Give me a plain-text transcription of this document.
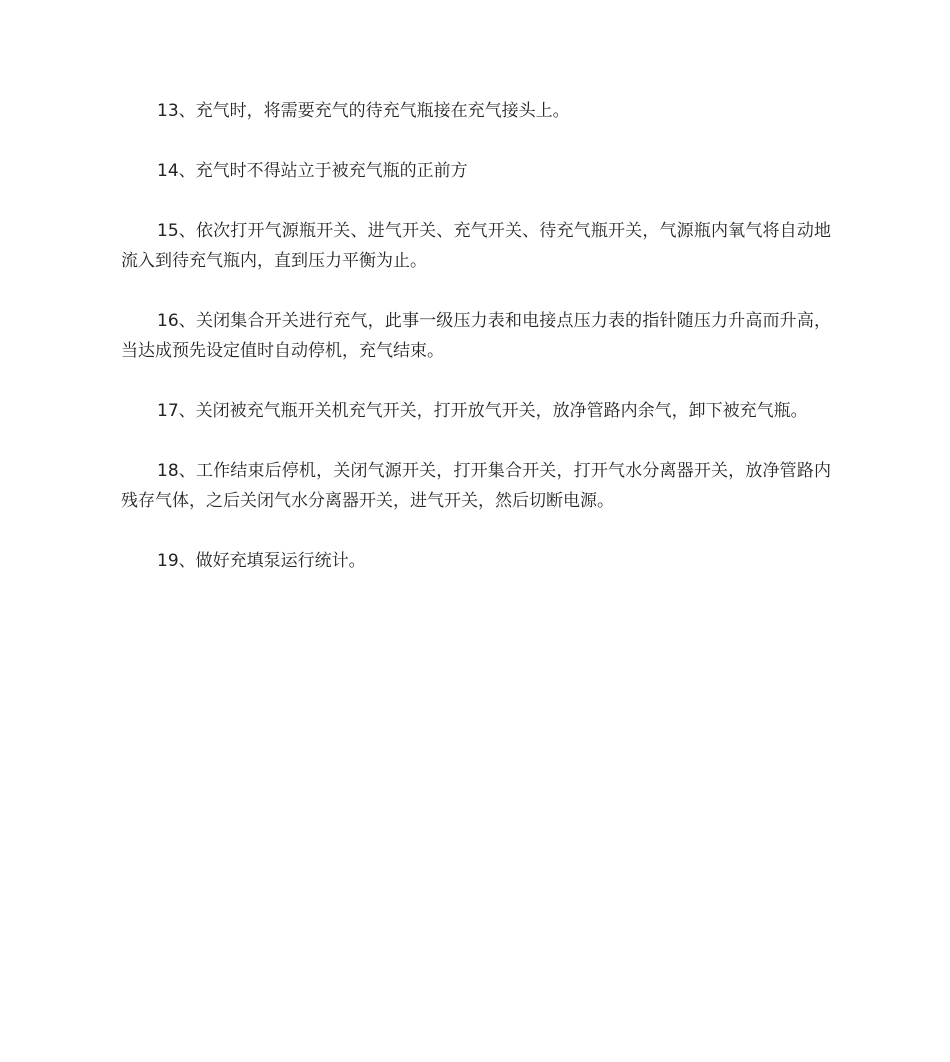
13、充气时，将需要充气的待充气瓶接在充气接头上。

14、充气时不得站立于被充气瓶的正前方

15、依次打开气源瓶开关、进气开关、充气开关、待充气瓶开关，气源瓶内氧气将自动地流入到待充气瓶内，直到压力平衡为止。

16、关闭集合开关进行充气，此事一级压力表和电接点压力表的指针随压力升高而升高，当达成预先设定值时自动停机，充气结束。

17、关闭被充气瓶开关机充气开关，打开放气开关，放净管路内余气，卸下被充气瓶。

18、工作结束后停机，关闭气源开关，打开集合开关，打开气水分离器开关，放净管路内残存气体，之后关闭气水分离器开关，进气开关，然后切断电源。

19、做好充填泵运行统计。
